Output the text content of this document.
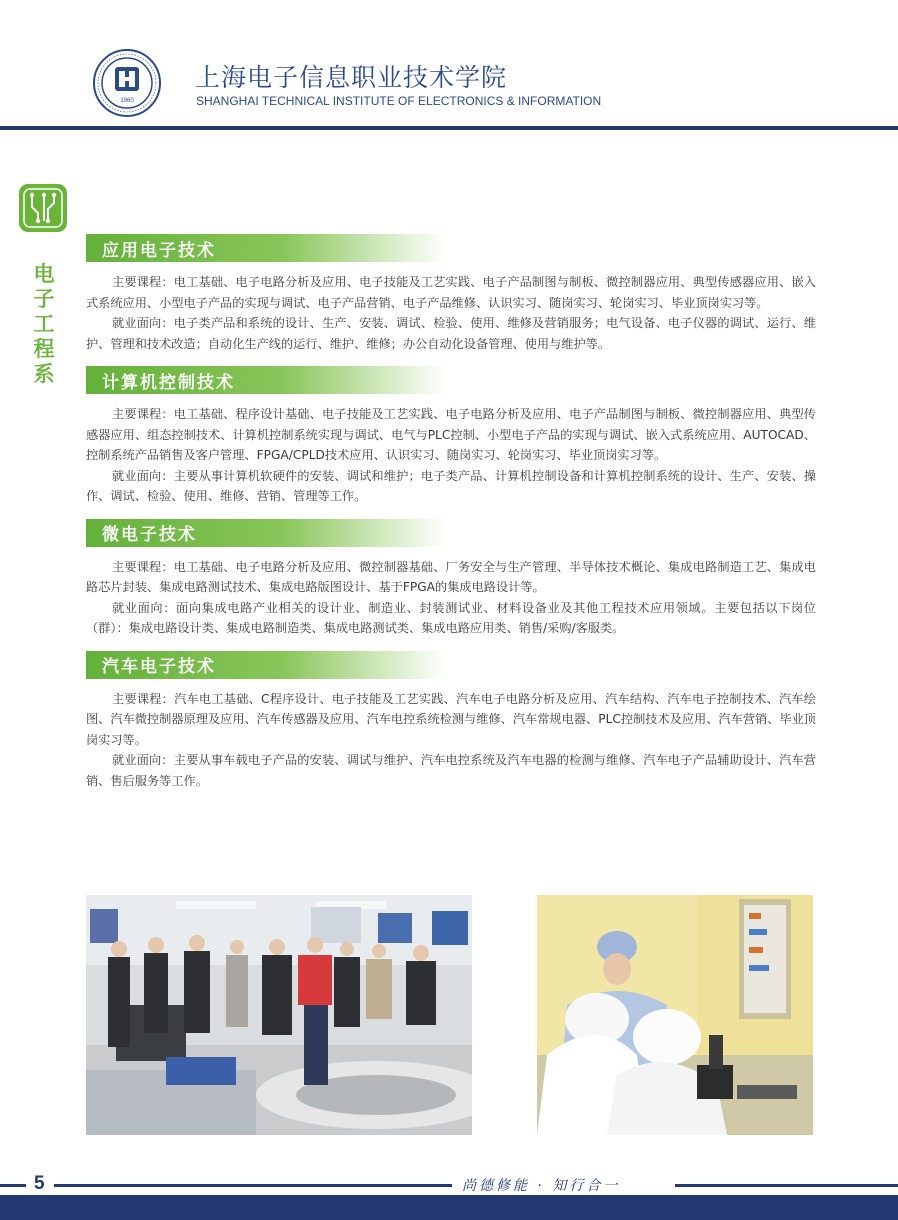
1960
上海电子信息职业技术学院
SHANGHAI TECHNICAL INSTITUTE OF ELECTRONICS & INFORMATION
电子工程系
应用电子技术

主要课程：电工基础、电子电路分析及应用、电子技能及工艺实践、电子产品制图与制板、微控制器应用、典型传感器应用、嵌入式系统应用、小型电子产品的实现与调试、电子产品营销、电子产品维修、认识实习、随岗实习、轮岗实习、毕业顶岗实习等。

就业面向：电子类产品和系统的设计、生产、安装、调试、检验、使用、维修及营销服务；电气设备、电子仪器的调试、运行、维护、管理和技术改造；自动化生产线的运行、维护、维修；办公自动化设备管理、使用与维护等。

计算机控制技术

主要课程：电工基础、程序设计基础、电子技能及工艺实践、电子电路分析及应用、电子产品制图与制板、微控制器应用、典型传感器应用、组态控制技术、计算机控制系统实现与调试、电气与PLC控制、小型电子产品的实现与调试、嵌入式系统应用、AUTOCAD、控制系统产品销售及客户管理、FPGA/CPLD技术应用、认识实习、随岗实习、轮岗实习、毕业顶岗实习等。

就业面向：主要从事计算机软硬件的安装、调试和维护；电子类产品、计算机控制设备和计算机控制系统的设计、生产、安装、操作、调试、检验、使用、维修、营销、管理等工作。

微电子技术

主要课程：电工基础、电子电路分析及应用、微控制器基础、厂务安全与生产管理、半导体技术概论、集成电路制造工艺、集成电路芯片封装、集成电路测试技术、集成电路版图设计、基于FPGA的集成电路设计等。

就业面向：面向集成电路产业相关的设计业、制造业、封装测试业、材料设备业及其他工程技术应用领域。主要包括以下岗位（群）：集成电路设计类、集成电路制造类、集成电路测试类、集成电路应用类、销售/采购/客服类。

汽车电子技术

主要课程：汽车电工基础、C程序设计、电子技能及工艺实践、汽车电子电路分析及应用、汽车结构、汽车电子控制技术、汽车绘图、汽车微控制器原理及应用、汽车传感器及应用、汽车电控系统检测与维修、汽车常规电器、PLC控制技术及应用、汽车营销、毕业顶岗实习等。

就业面向：主要从事车载电子产品的安装、调试与维护、汽车电控系统及汽车电器的检测与维修、汽车电子产品辅助设计、汽车营销、售后服务等工作。

5	尚德修能 · 知行合一
